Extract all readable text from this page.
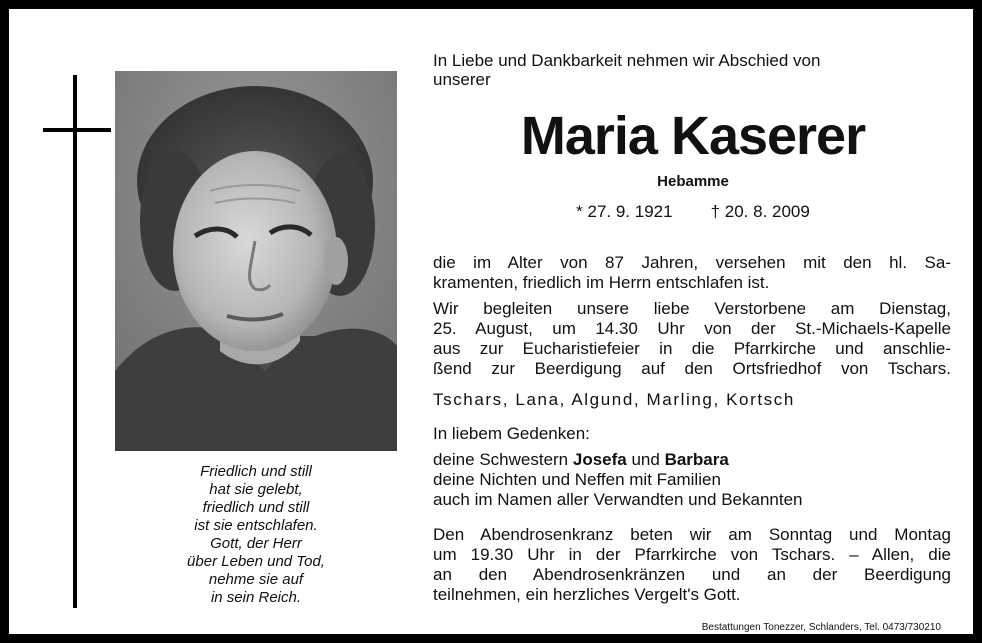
Friedlich und still
hat sie gelebt,
friedlich und still
ist sie entschlafen.
Gott, der Herr
über Leben und Tod,
nehme sie auf
in sein Reich.
In Liebe und Dankbarkeit nehmen wir Abschied von
unserer
Maria Kaserer
Hebamme
* 27. 9. 1921 † 20. 8. 2009
die im Alter von 87 Jahren, versehen mit den hl. Sa-
kramenten, friedlich im Herrn entschlafen ist.
Wir begleiten unsere liebe Verstorbene am Dienstag,
25. August, um 14.30 Uhr von der St.-Michaels-Kapelle
aus zur Eucharistiefeier in die Pfarrkirche und anschlie-
ßend zur Beerdigung auf den Ortsfriedhof von Tschars.
Tschars, Lana, Algund, Marling, Kortsch
In liebem Gedenken:
deine Schwestern Josefa und Barbara
deine Nichten und Neffen mit Familien
auch im Namen aller Verwandten und Bekannten
Den Abendrosenkranz beten wir am Sonntag und Montag
um 19.30 Uhr in der Pfarrkirche von Tschars. – Allen, die
an den Abendrosenkränzen und an der Beerdigung
teilnehmen, ein herzliches Vergelt's Gott.
Bestattungen Tonezzer, Schlanders, Tel. 0473/730210
